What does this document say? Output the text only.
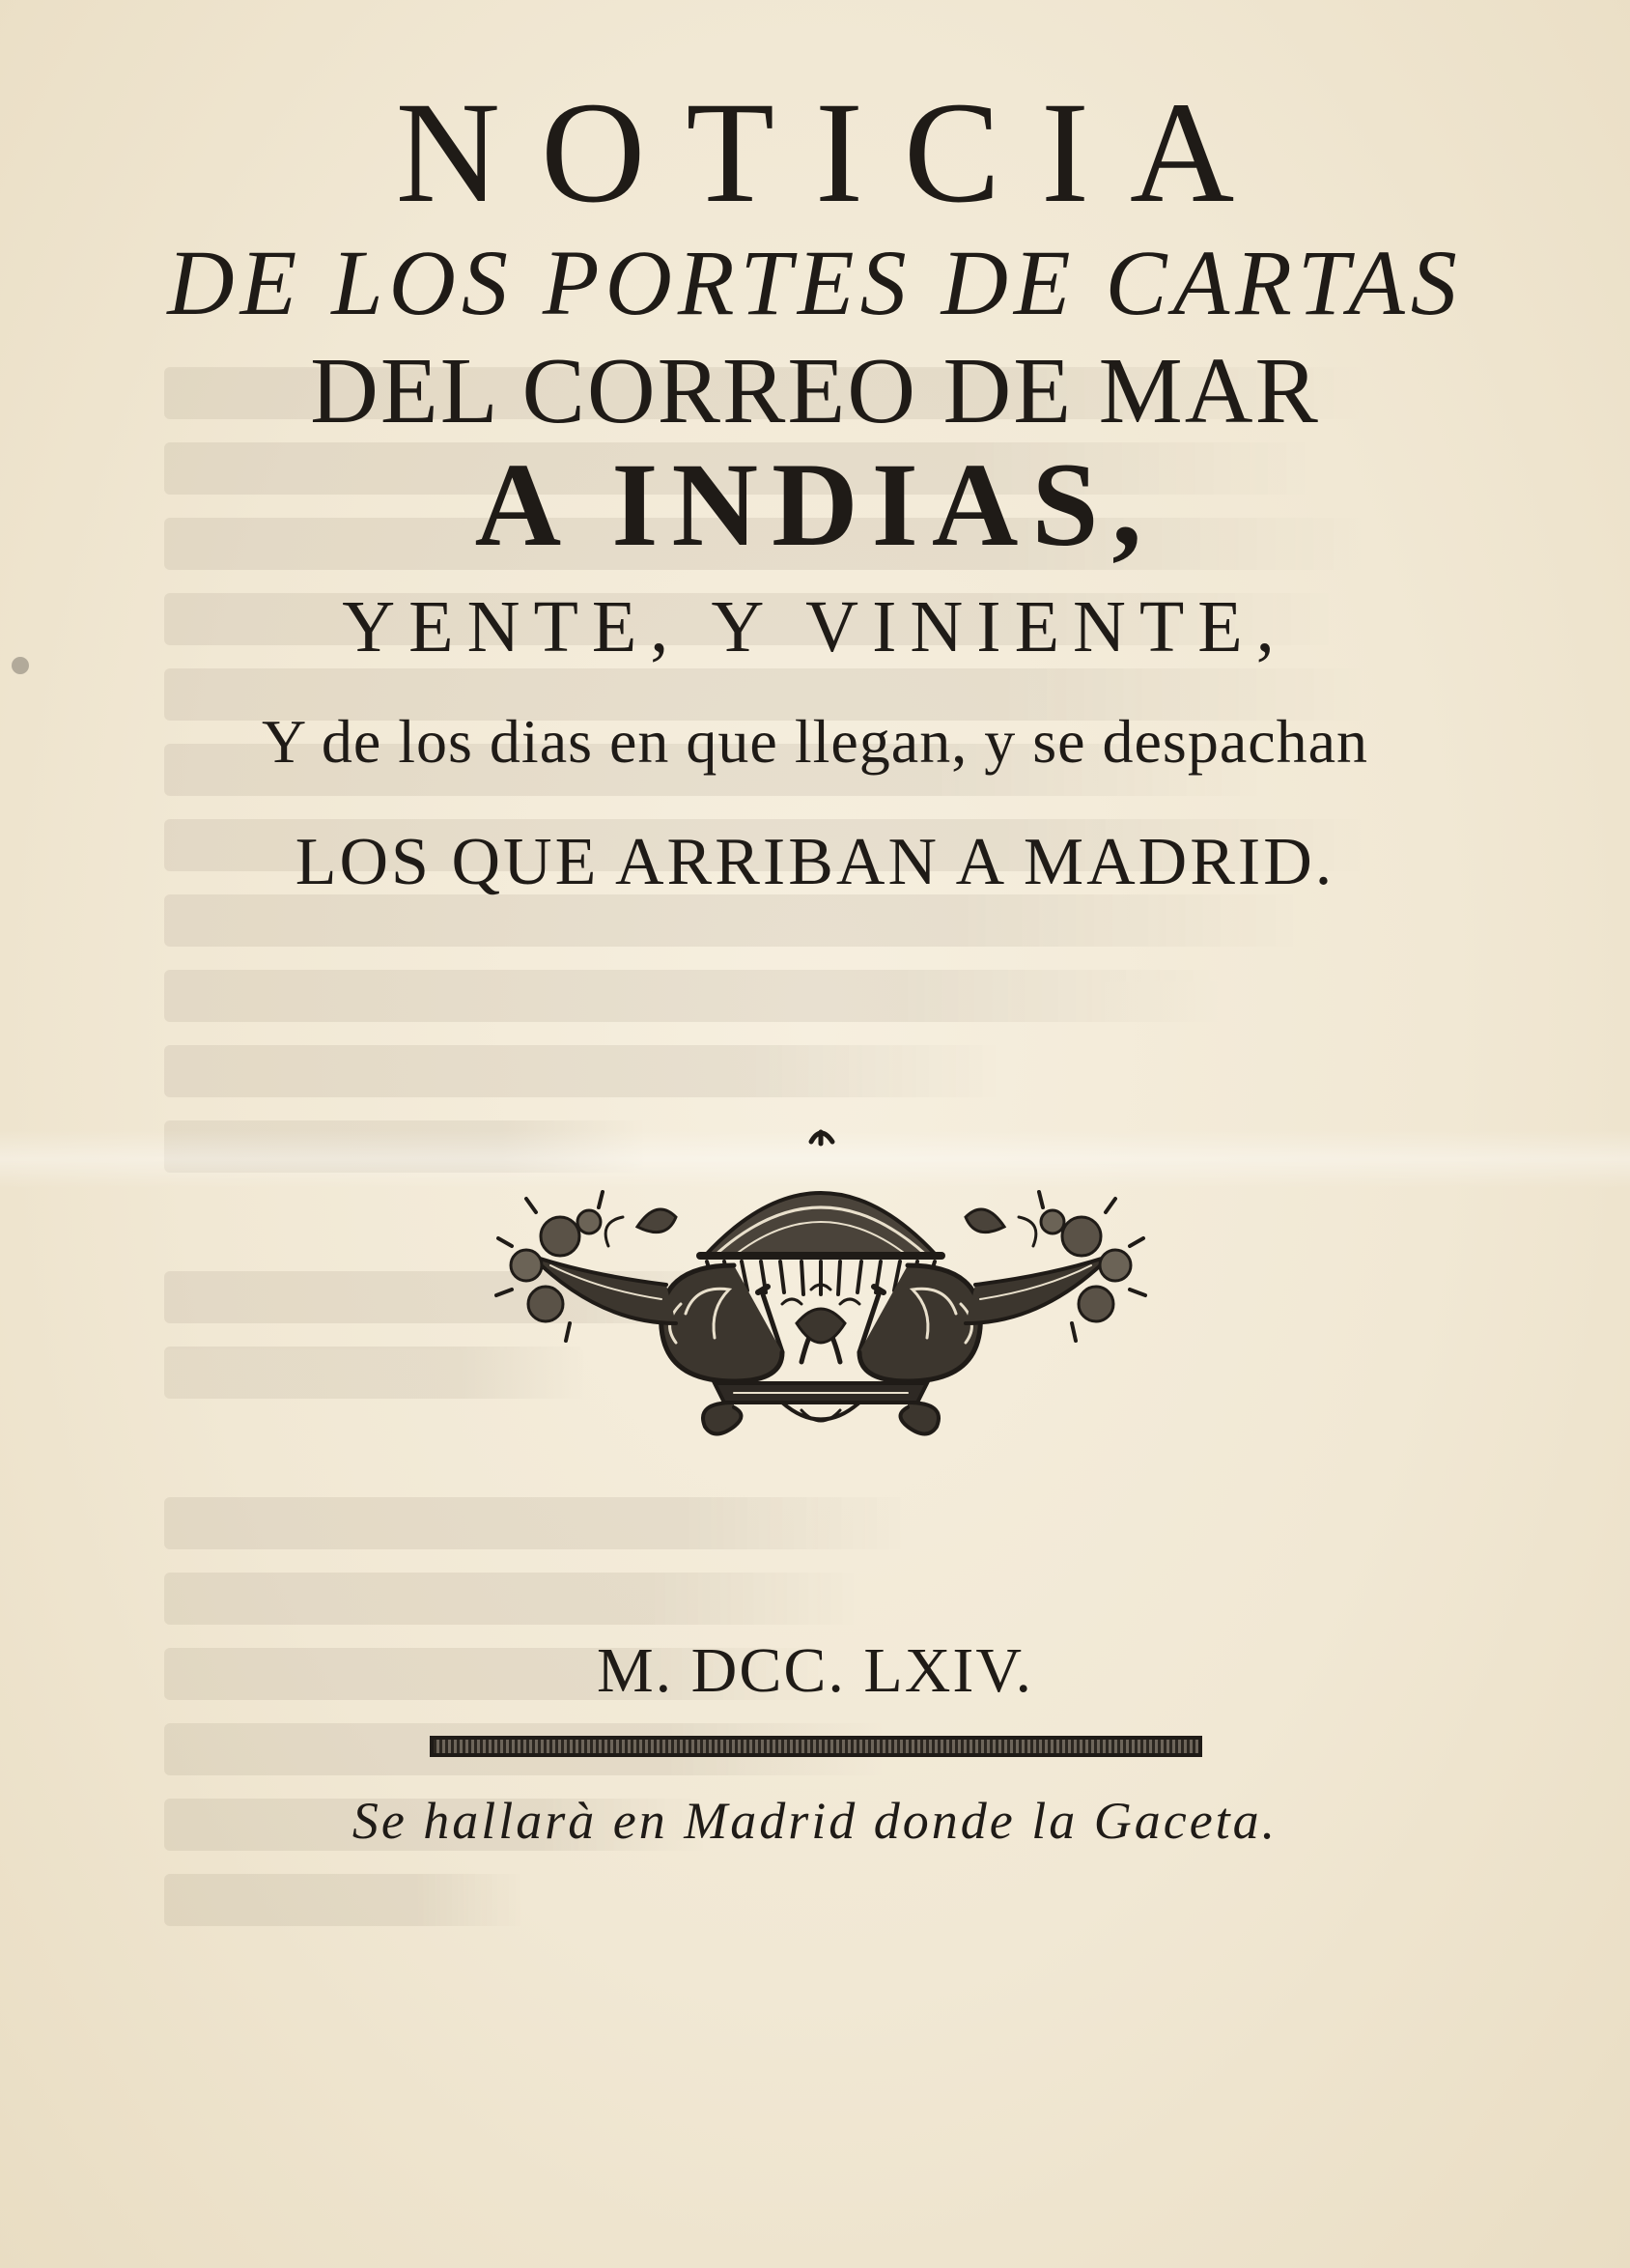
NOTICIA
DE LOS PORTES DE CARTAS
DEL CORREO DE MAR
A INDIAS,
YENTE, Y VINIENTE,
Y de los dias en que llegan, y se despachan
LOS QUE ARRIBAN A MADRID.
M. DCC. LXIV.
Se hallarà en Madrid donde la Gaceta.
